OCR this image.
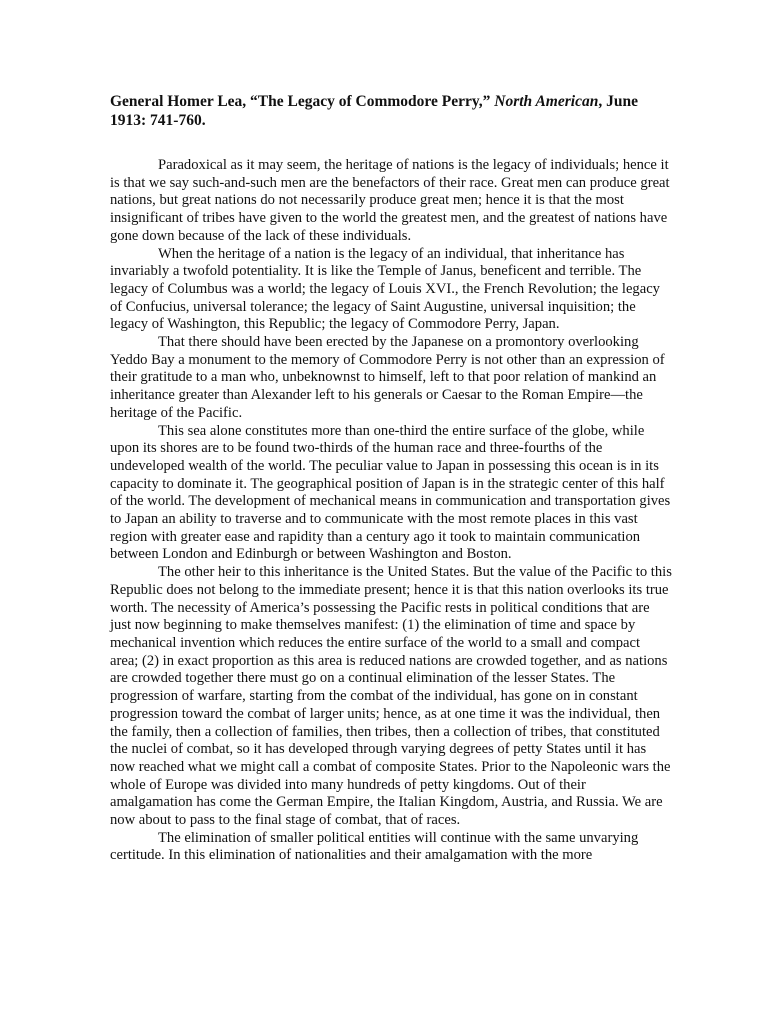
General Homer Lea, “The Legacy of Commodore Perry,” North American, June 1913: 741-760.

Paradoxical as it may seem, the heritage of nations is the legacy of individuals; hence it is that we say such-and-such men are the benefactors of their race. Great men can produce great nations, but great nations do not necessarily produce great men; hence it is that the most insignificant of tribes have given to the world the greatest men, and the greatest of nations have gone down because of the lack of these individuals.

When the heritage of a nation is the legacy of an individual, that inheritance has invariably a twofold potentiality. It is like the Temple of Janus, beneficent and terrible. The legacy of Columbus was a world; the legacy of Louis XVI., the French Revolution; the legacy of Confucius, universal tolerance; the legacy of Saint Augustine, universal inquisition; the legacy of Washington, this Republic; the legacy of Commodore Perry, Japan.

That there should have been erected by the Japanese on a promontory overlooking Yeddo Bay a monument to the memory of Commodore Perry is not other than an expression of their gratitude to a man who, unbeknownst to himself, left to that poor relation of mankind an inheritance greater than Alexander left to his generals or Caesar to the Roman Empire—the heritage of the Pacific.

This sea alone constitutes more than one-third the entire surface of the globe, while upon its shores are to be found two-thirds of the human race and three-fourths of the undeveloped wealth of the world. The peculiar value to Japan in possessing this ocean is in its capacity to dominate it. The geographical position of Japan is in the strategic center of this half of the world. The development of mechanical means in communication and transportation gives to Japan an ability to traverse and to communicate with the most remote places in this vast region with greater ease and rapidity than a century ago it took to maintain communication between London and Edinburgh or between Washington and Boston.

The other heir to this inheritance is the United States. But the value of the Pacific to this Republic does not belong to the immediate present; hence it is that this nation overlooks its true worth. The necessity of America’s possessing the Pacific rests in political conditions that are just now beginning to make themselves manifest: (1) the elimination of time and space by mechanical invention which reduces the entire surface of the world to a small and compact area; (2) in exact proportion as this area is reduced nations are crowded together, and as nations are crowded together there must go on a continual elimination of the lesser States. The progression of warfare, starting from the combat of the individual, has gone on in constant progression toward the combat of larger units; hence, as at one time it was the individual, then the family, then a collection of families, then tribes, then a collection of tribes, that constituted the nuclei of combat, so it has developed through varying degrees of petty States until it has now reached what we might call a combat of composite States. Prior to the Napoleonic wars the whole of Europe was divided into many hundreds of petty kingdoms. Out of their amalgamation has come the German Empire, the Italian Kingdom, Austria, and Russia. We are now about to pass to the final stage of combat, that of races.

The elimination of smaller political entities will continue with the same unvarying certitude. In this elimination of nationalities and their amalgamation with the more
